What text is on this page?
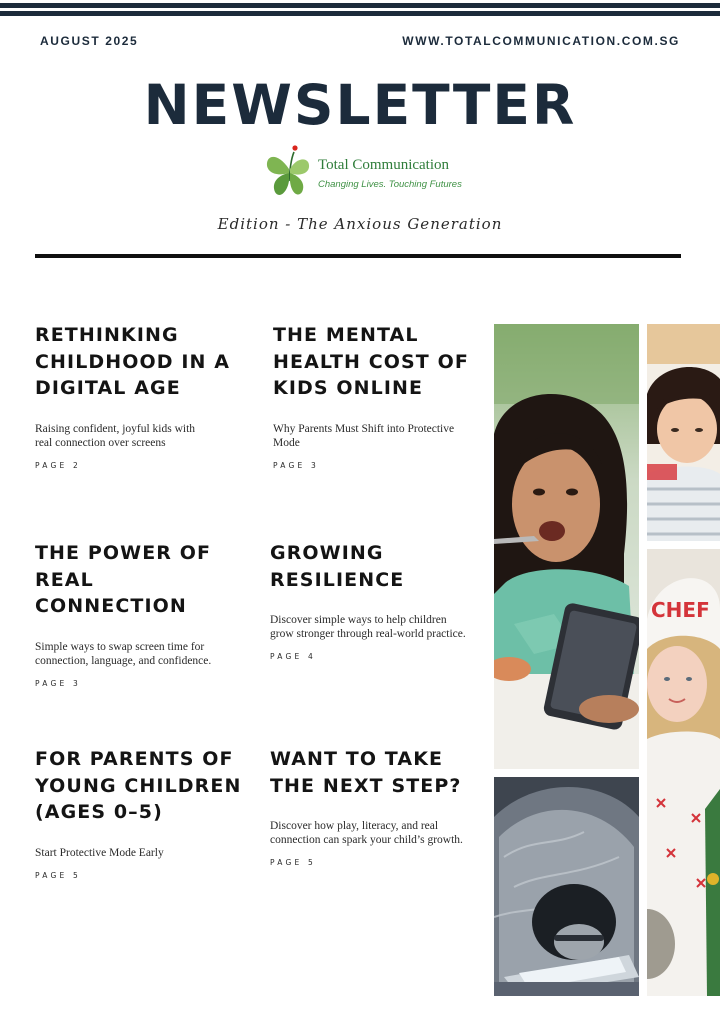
AUGUST 2025	WWW.TOTALCOMMUNICATION.COM.SG
NEWSLETTER
Total Communication
Changing Lives. Touching Futures
Edition - The Anxious Generation
RETHINKING CHILDHOOD IN A DIGITAL AGE

Raising confident, joyful kids with real connection over screens

PAGE 2
THE MENTAL HEALTH COST OF KIDS ONLINE

Why Parents Must Shift into Protective Mode

PAGE 3
THE POWER OF REAL CONNECTION

Simple ways to swap screen time for connection, language, and confidence.

PAGE 3
GROWING RESILIENCE

Discover simple ways to help children grow stronger through real-world practice.

PAGE 4
FOR PARENTS OF YOUNG CHILDREN (AGES 0–5)

Start Protective Mode Early

PAGE 5
WANT TO TAKE THE NEXT STEP?

Discover how play, literacy, and real connection can spark your child’s growth.

PAGE 5
CHEF
